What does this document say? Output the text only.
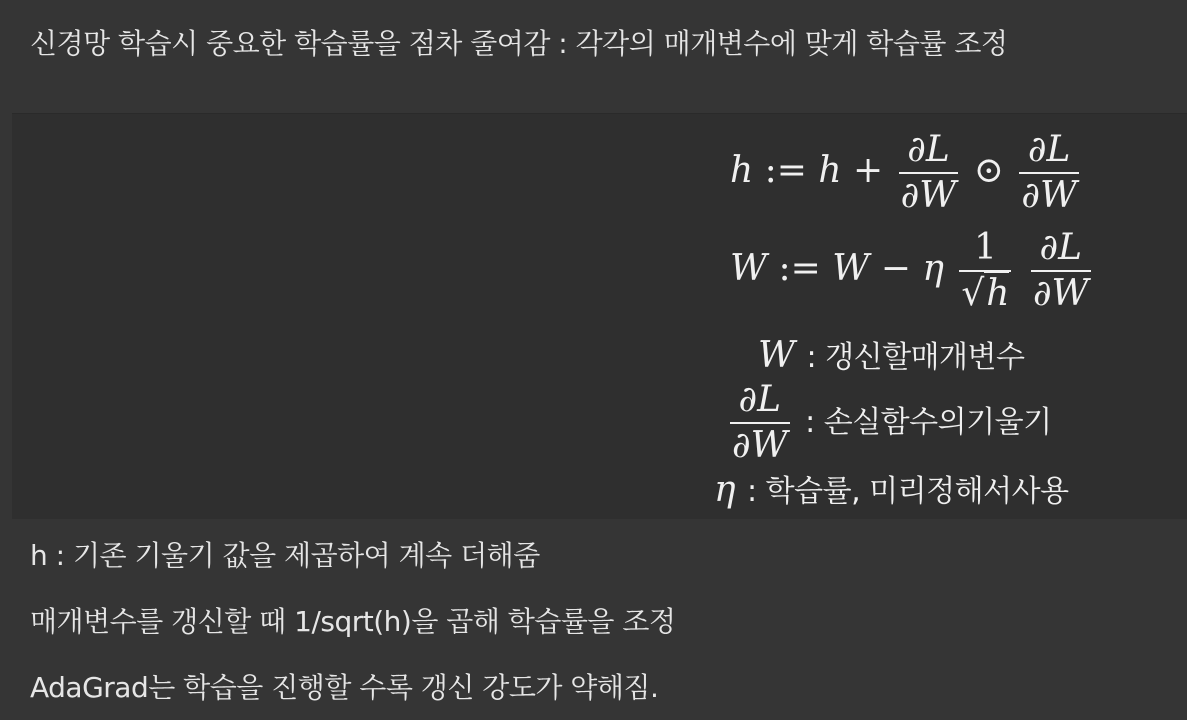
신경망 학습시 중요한 학습률을 점차 줄여감 : 각각의 매개변수에 맞게 학습률 조정
h := $h + \frac{\partial L}{\partial W}$ ⊙ $\frac{\partial L}{\partial W}$
W := W − η $\frac{1}{√h}$
$\frac{\partial L}{\partial W}$
W : 갱신할매개변수
$\frac{\partial L}{\partial W}$ : 손실함수의기울기
η : 학습률, 미리정해서사용
h : 기존 기울기 값을 제곱하여 계속 더해줌
매개변수를 갱신할 때 1/sqrt(h)을 곱해 학습률을 조정
AdaGrad는 학습을 진행할 수록 갱신 강도가 약해짐.
